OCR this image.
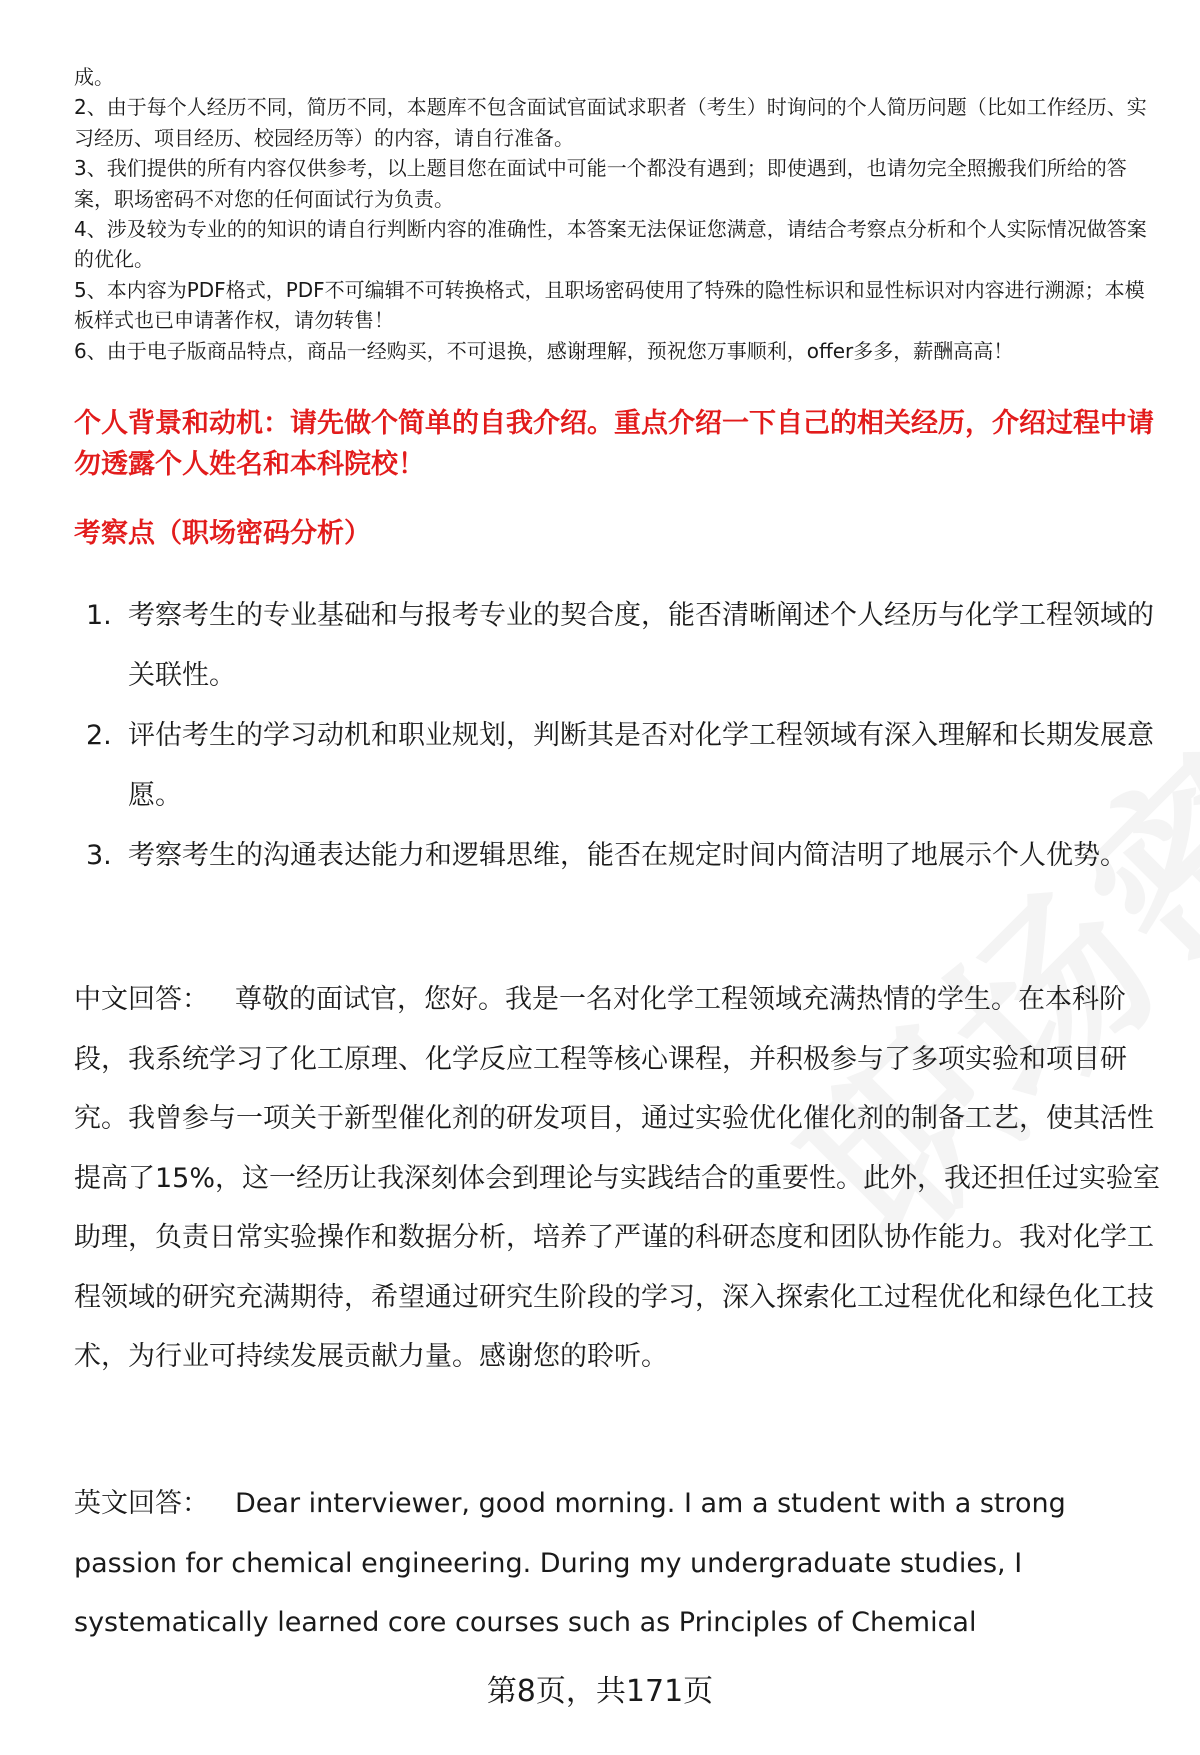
成。

2、由于每个人经历不同，简历不同，本题库不包含面试官面试求职者（考生）时询问的个人简历问题（比如工作经历、实习经历、项目经历、校园经历等）的内容，请自行准备。

3、我们提供的所有内容仅供参考，以上题目您在面试中可能一个都没有遇到；即使遇到，也请勿完全照搬我们所给的答案，职场密码不对您的任何面试行为负责。

4、涉及较为专业的的知识的请自行判断内容的准确性，本答案无法保证您满意，请结合考察点分析和个人实际情况做答案的优化。

5、本内容为PDF格式，PDF不可编辑不可转换格式，且职场密码使用了特殊的隐性标识和显性标识对内容进行溯源；本模板样式也已申请著作权，请勿转售！

6、由于电子版商品特点，商品一经购买，不可退换，感谢理解，预祝您万事顺利，offer多多，薪酬高高！

个人背景和动机：请先做个简单的自我介绍。重点介绍一下自己的相关经历，介绍过程中请勿透露个人姓名和本科院校！
考察点（职场密码分析）
1. 考察考生的专业基础和与报考专业的契合度，能否清晰阐述个人经历与化学工程领域的关联性。
2. 评估考生的学习动机和职业规划，判断其是否对化学工程领域有深入理解和长期发展意愿。
3. 考察考生的沟通表达能力和逻辑思维，能否在规定时间内简洁明了地展示个人优势。

中文回答： 尊敬的面试官，您好。我是一名对化学工程领域充满热情的学生。在本科阶段，我系统学习了化工原理、化学反应工程等核心课程，并积极参与了多项实验和项目研究。我曾参与一项关于新型催化剂的研发项目，通过实验优化催化剂的制备工艺，使其活性提高了15%，这一经历让我深刻体会到理论与实践结合的重要性。此外，我还担任过实验室助理，负责日常实验操作和数据分析，培养了严谨的科研态度和团队协作能力。我对化学工程领域的研究充满期待，希望通过研究生阶段的学习，深入探索化工过程优化和绿色化工技术，为行业可持续发展贡献力量。感谢您的聆听。

英文回答： Dear interviewer, good morning. I am a student with a strong passion for chemical engineering. During my undergraduate studies, I systematically learned core courses such as Principles of Chemical

第8页，共171页
